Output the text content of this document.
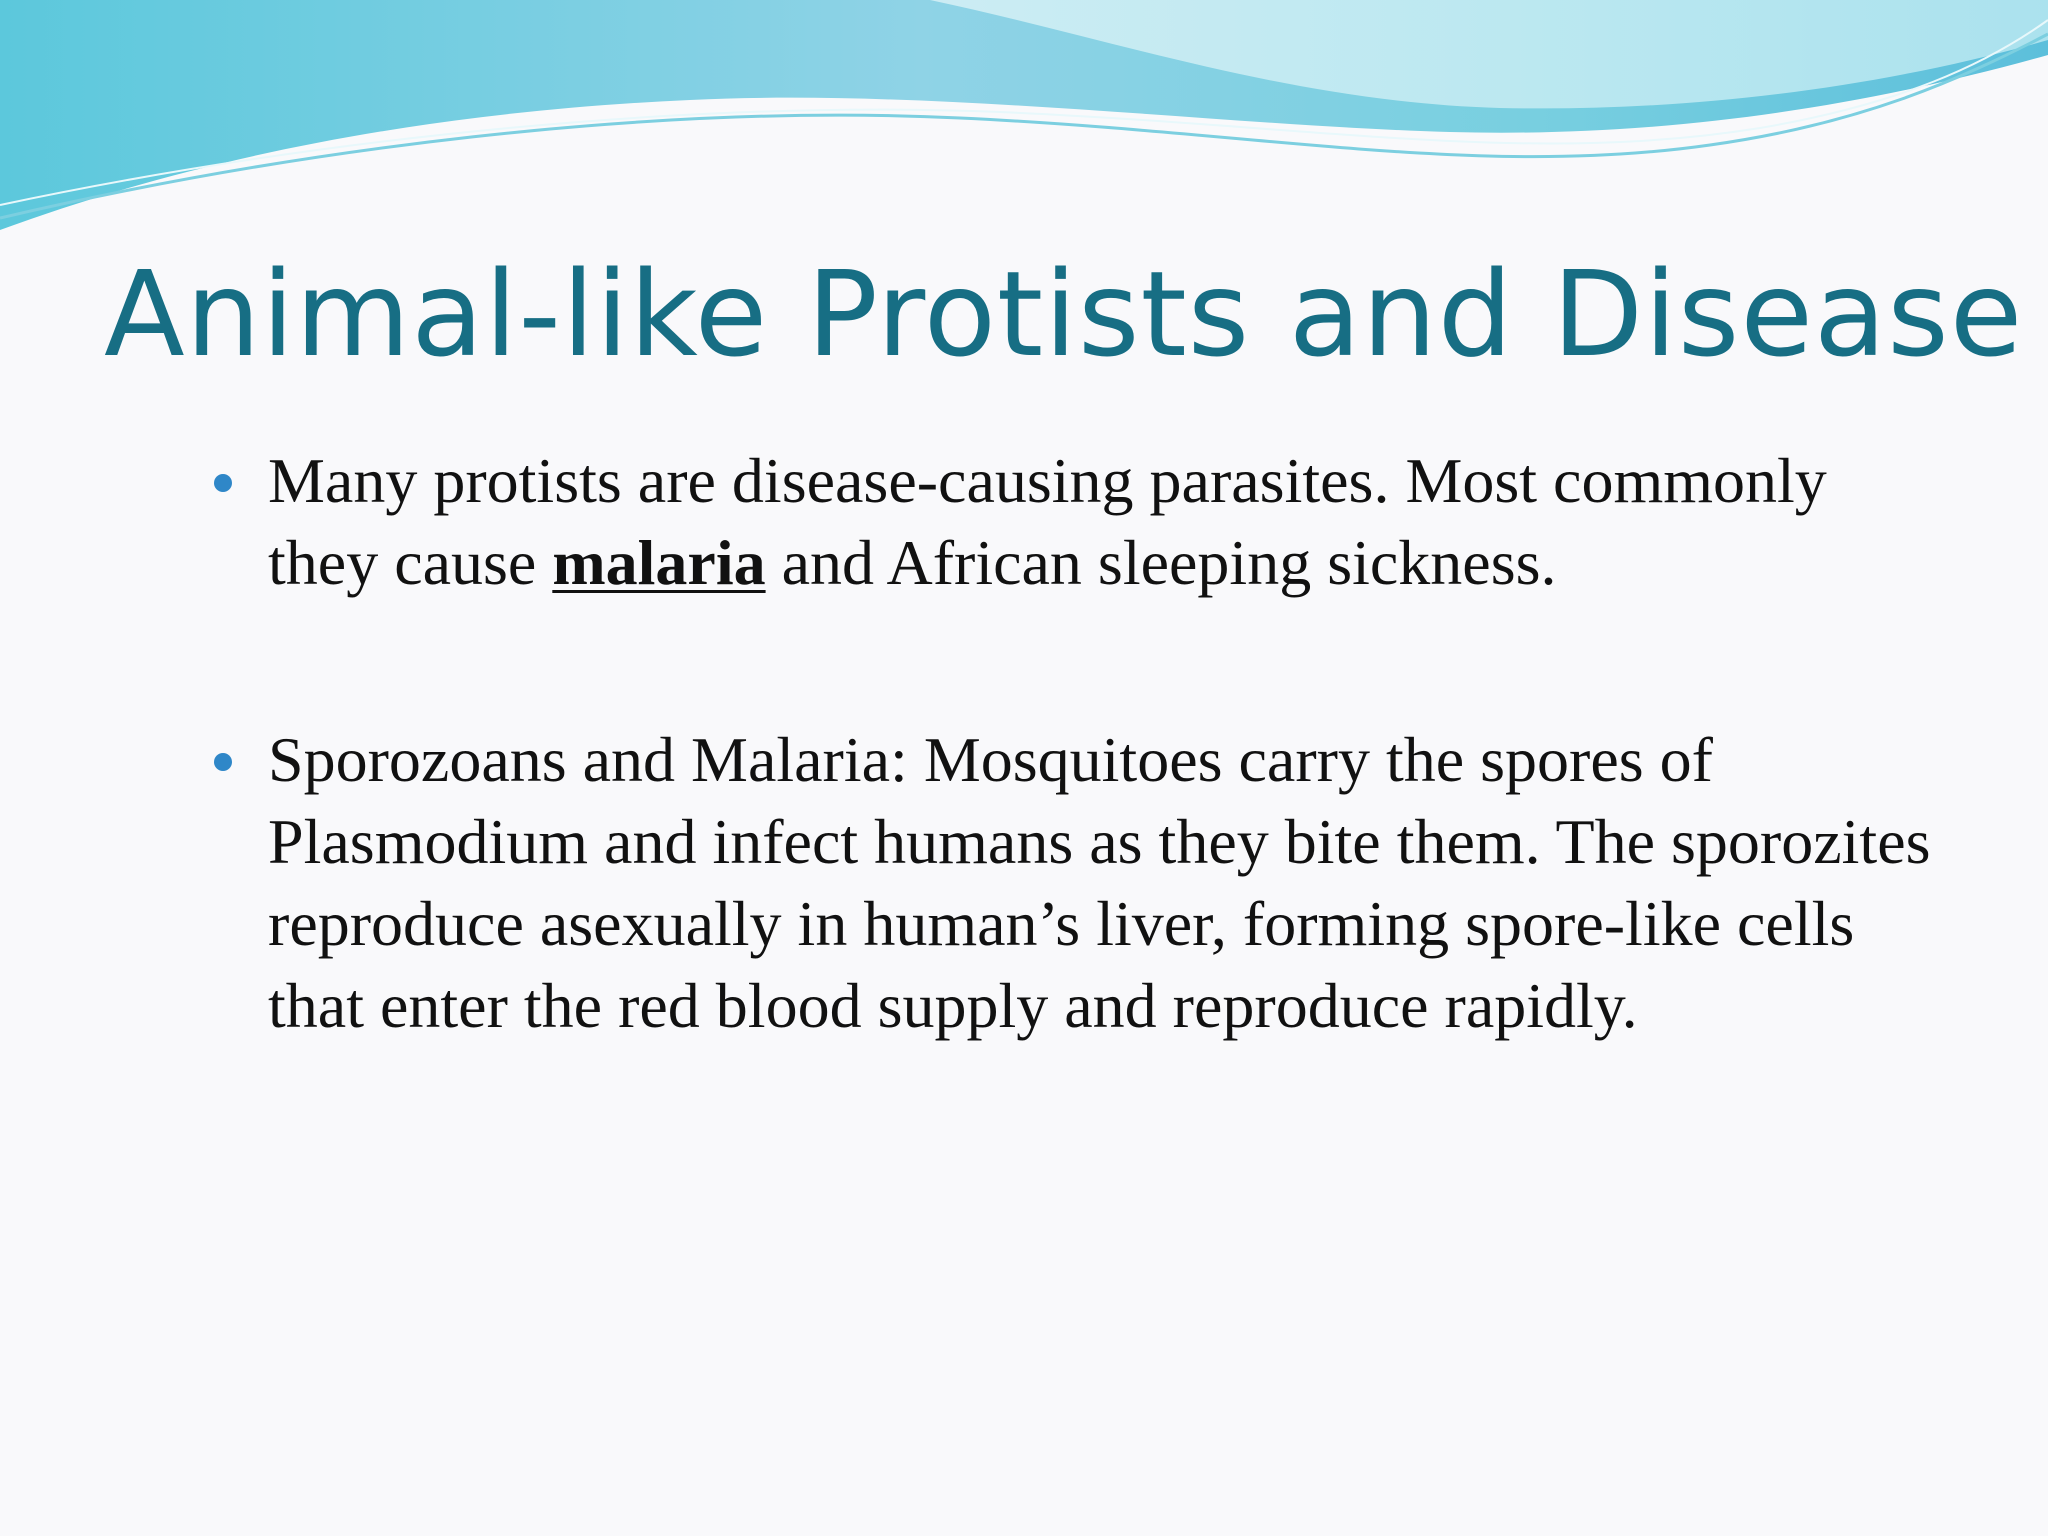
Animal-like Protists and Disease
Many protists are disease-causing parasites. Most commonly they cause malaria and African sleeping sickness.
Sporozoans and Malaria: Mosquitoes carry the spores of Plasmodium and infect humans as they bite them. The sporozites reproduce asexually in human’s liver, forming spore-like cells that enter the red blood supply and reproduce rapidly.
